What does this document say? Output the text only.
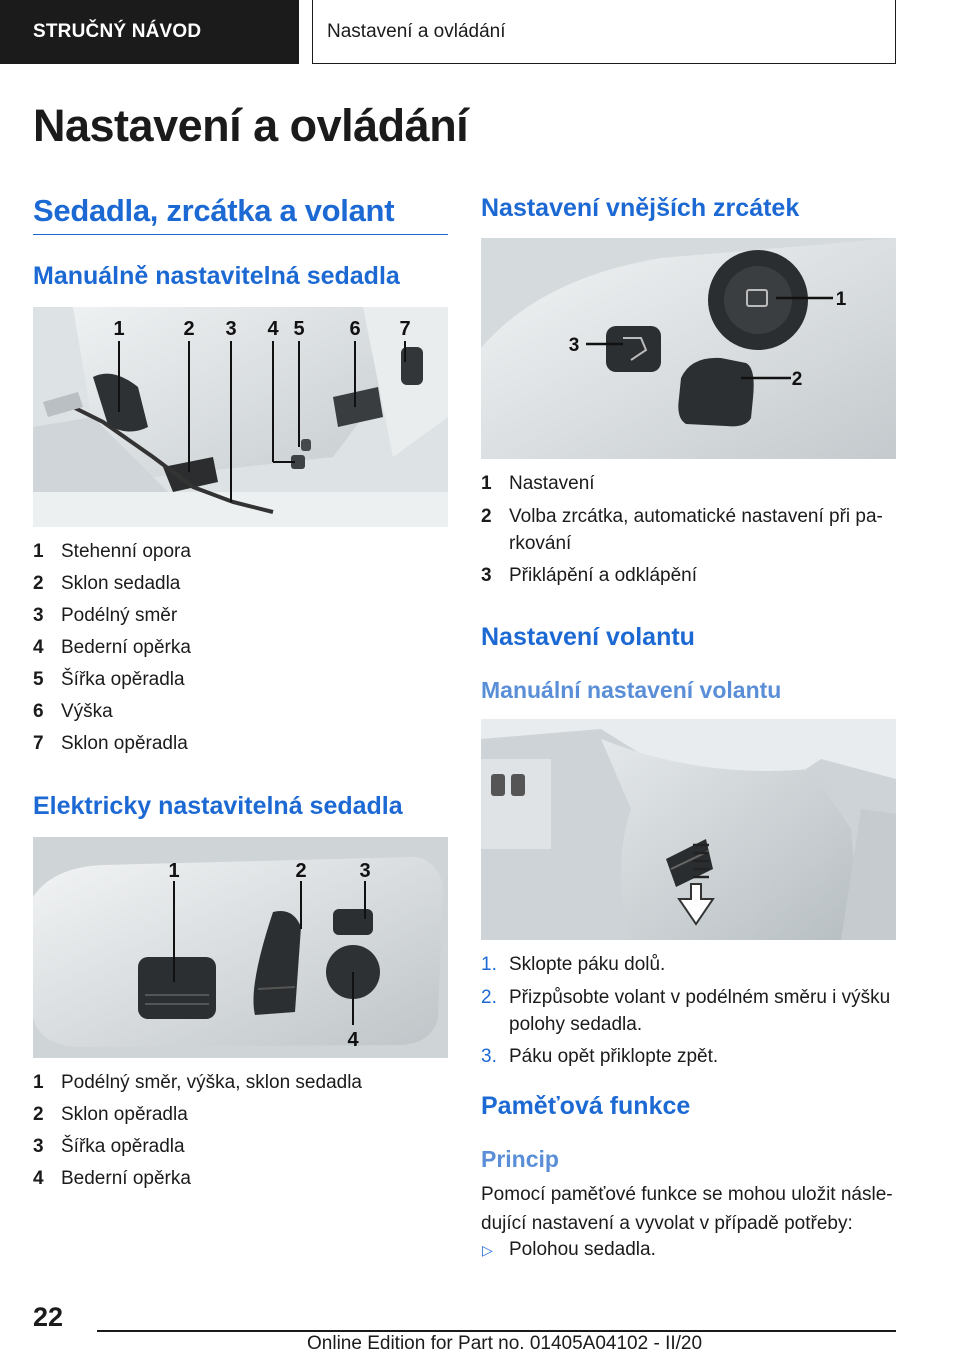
STRUČNÝ NÁVOD	Nastavení a ovládání
Nastavení a ovládání
Sedadla, zrcátka a volant
Manuálně nastavitelná sedadla
1	2 3 4 5 6 7
1 Stehenní opora
2 Sklon sedadla
3 Podélný směr
4 Bederní opěrka
5 Šířka opěradla
6 Výška
7 Sklon opěradla
Elektricky nastavitelná sedadla
1	2	3
4
1 Podélný směr, výška, sklon sedadla
2 Sklon opěradla
3 Šířka opěradla
4 Bederní opěrka
Nastavení vnějších zrcátek
1
2
3
1 Nastavení
2 Volba zrcátka, automatické nastavení při pa-rkování
3 Přiklápění a odklápění
Nastavení volantu
Manuální nastavení volantu
1. Sklopte páku dolů.
2. Přizpůsobte volant v podélném směru i výšku polohy sedadla.
3. Páku opět přiklopte zpět.
Paměťová funkce
Princip

Pomocí paměťové funkce se mohou uložit násle-dující nastavení a vyvolat v případě potřeby:

▷ Polohou sedadla.
22
Online Edition for Part no. 01405A04102 - II/20
